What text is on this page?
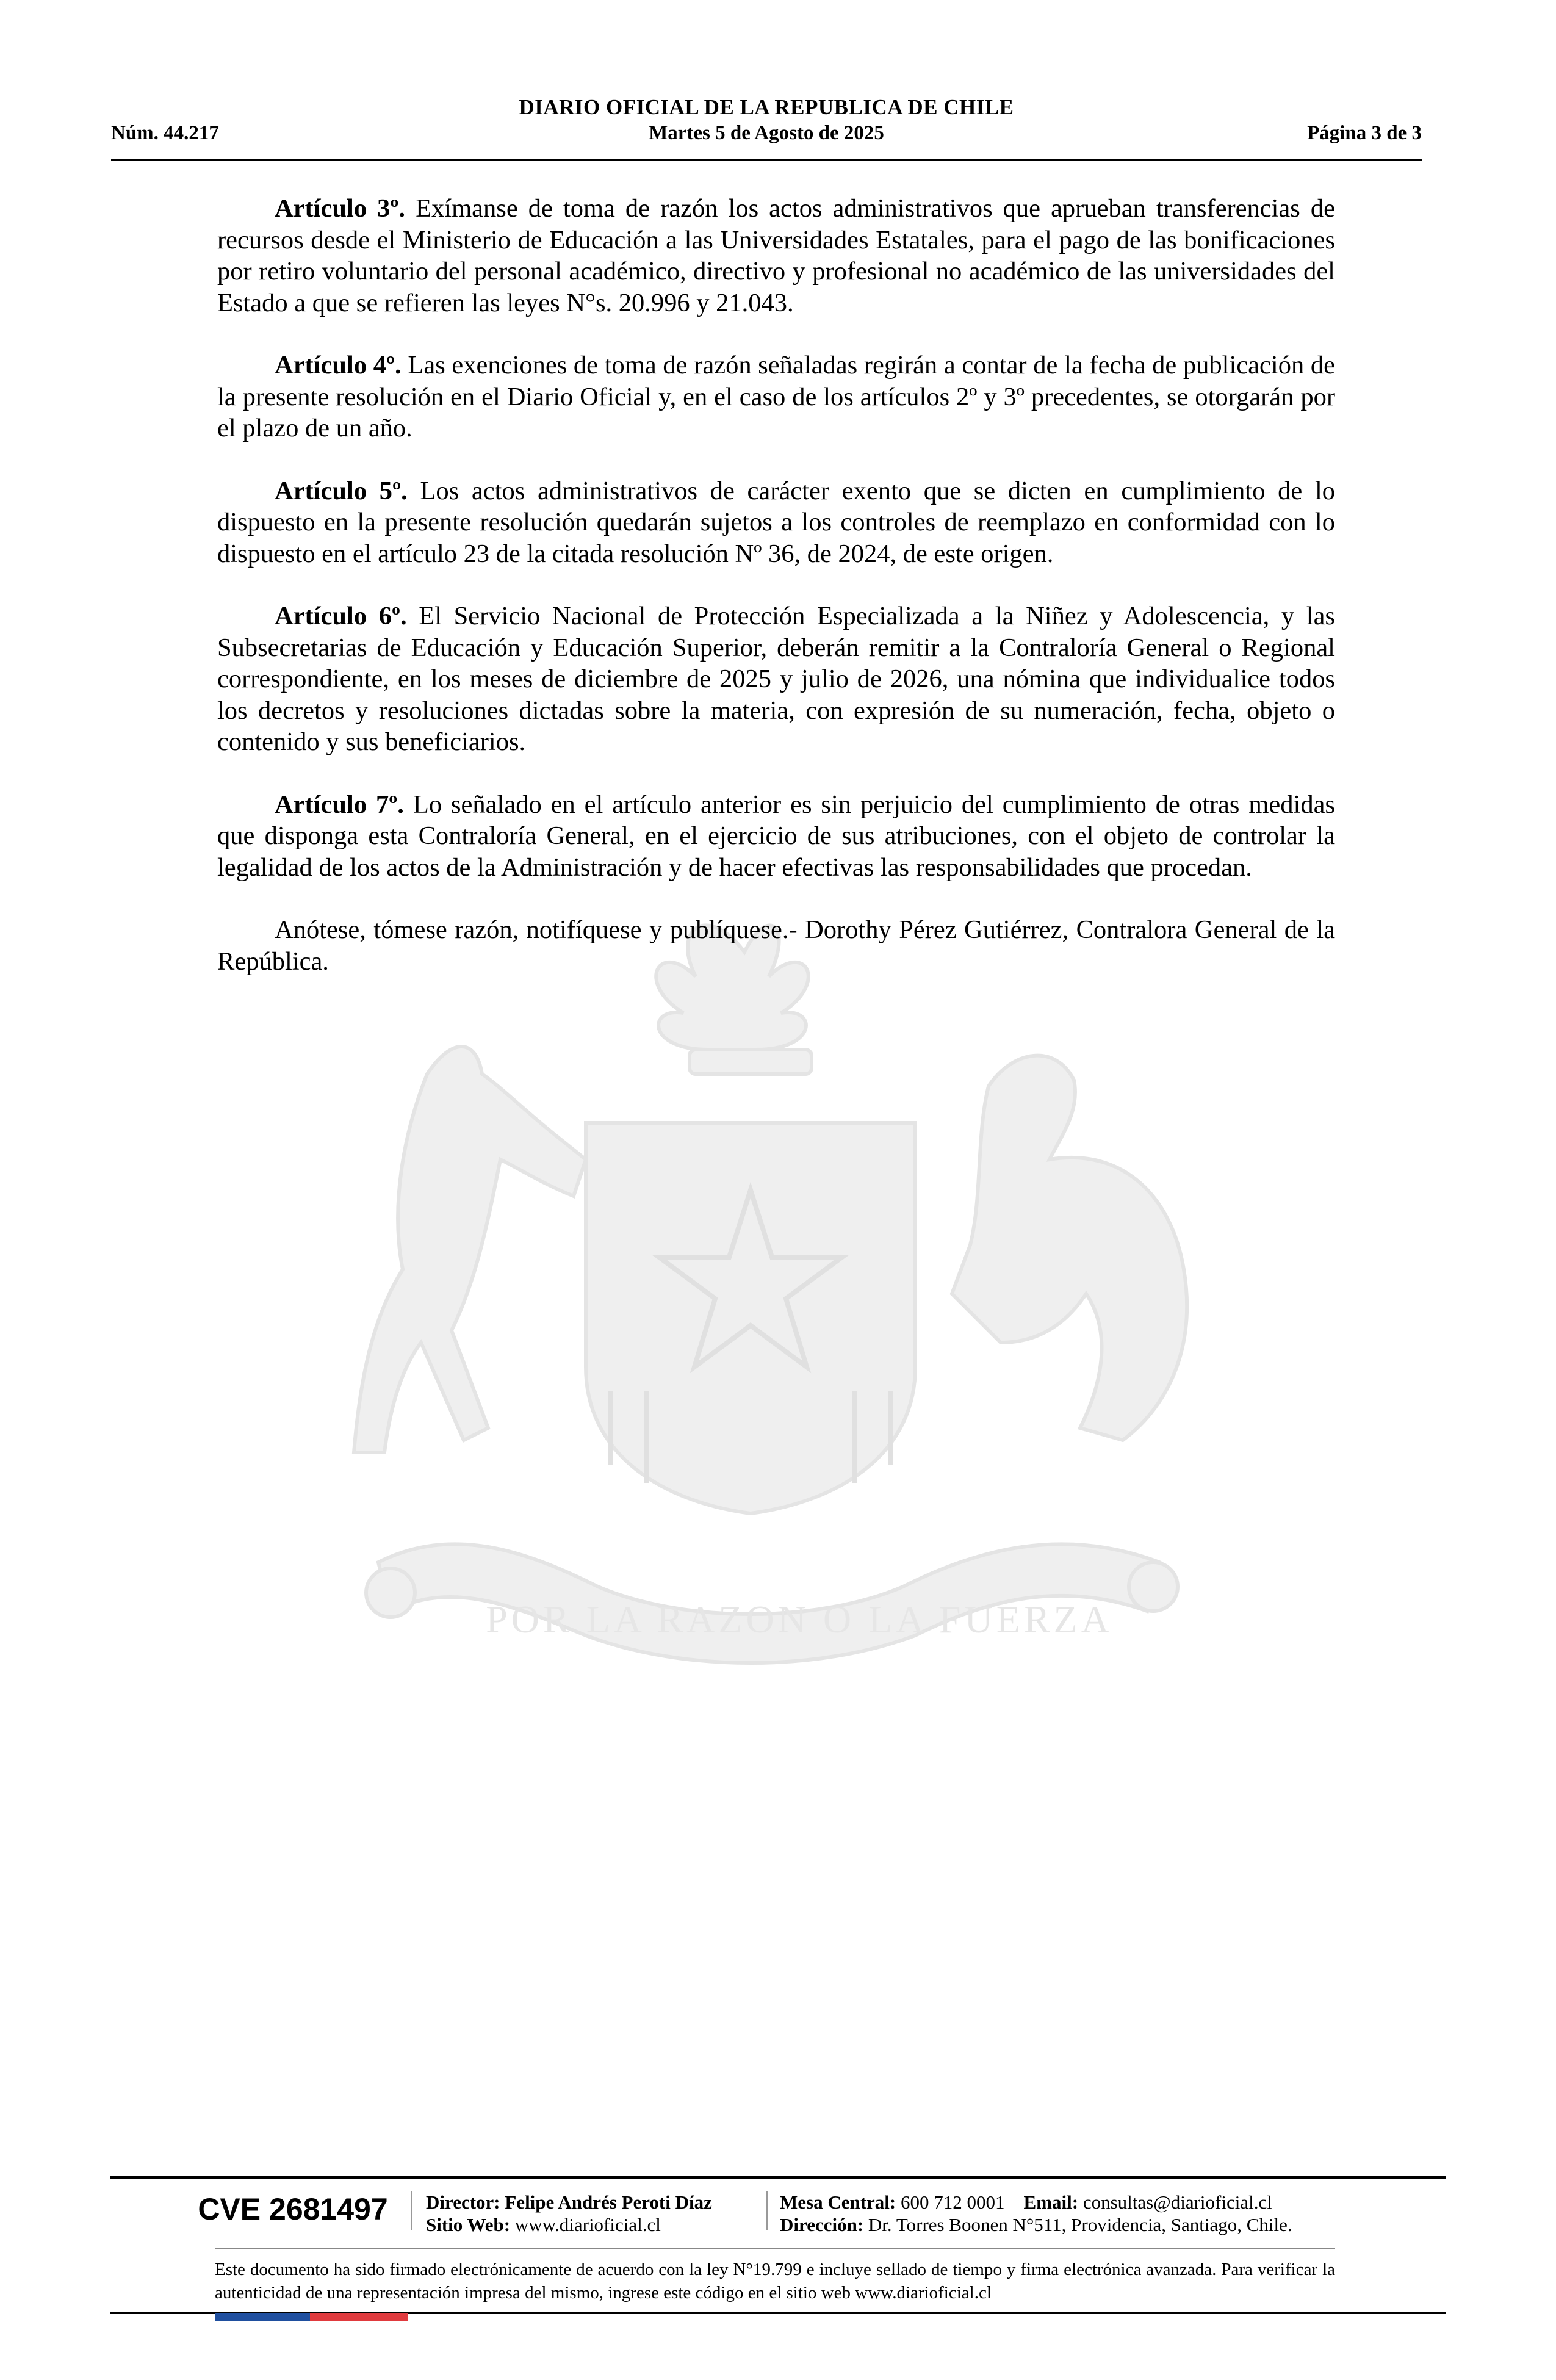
DIARIO OFICIAL DE LA REPUBLICA DE CHILE
Núm. 44.217	Martes 5 de Agosto de 2025	Página 3 de 3
POR LA RAZON O LA FUERZA

Artículo 3º. Exímanse de toma de razón los actos administrativos que aprueban transferencias de recursos desde el Ministerio de Educación a las Universidades Estatales, para el pago de las bonificaciones por retiro voluntario del personal académico, directivo y profesional no académico de las universidades del Estado a que se refieren las leyes N°s. 20.996 y 21.043.

Artículo 4º. Las exenciones de toma de razón señaladas regirán a contar de la fecha de publicación de la presente resolución en el Diario Oficial y, en el caso de los artículos 2º y 3º precedentes, se otorgarán por el plazo de un año.

Artículo 5º. Los actos administrativos de carácter exento que se dicten en cumplimiento de lo dispuesto en la presente resolución quedarán sujetos a los controles de reemplazo en conformidad con lo dispuesto en el artículo 23 de la citada resolución Nº 36, de 2024, de este origen.

Artículo 6º. El Servicio Nacional de Protección Especializada a la Niñez y Adolescencia, y las Subsecretarias de Educación y Educación Superior, deberán remitir a la Contraloría General o Regional correspondiente, en los meses de diciembre de 2025 y julio de 2026, una nómina que individualice todos los decretos y resoluciones dictadas sobre la materia, con expresión de su numeración, fecha, objeto o contenido y sus beneficiarios.

Artículo 7º. Lo señalado en el artículo anterior es sin perjuicio del cumplimiento de otras medidas que disponga esta Contraloría General, en el ejercicio de sus atribuciones, con el objeto de controlar la legalidad de los actos de la Administración y de hacer efectivas las responsabilidades que procedan.

Anótese, tómese razón, notifíquese y publíquese.- Dorothy Pérez Gutiérrez, Contralora General de la República.

CVE 2681497	Director: Felipe Andrés Peroti Díaz
Sitio Web: www.diarioficial.cl
Mesa Central: 600 712 0001 Email: consultas@diarioficial.cl
Dirección: Dr. Torres Boonen N°511, Providencia, Santiago, Chile.
Este documento ha sido firmado electrónicamente de acuerdo con la ley N°19.799 e incluye sellado de tiempo y firma electrónica avanzada. Para verificar la autenticidad de una representación impresa del mismo, ingrese este código en el sitio web www.diarioficial.cl
